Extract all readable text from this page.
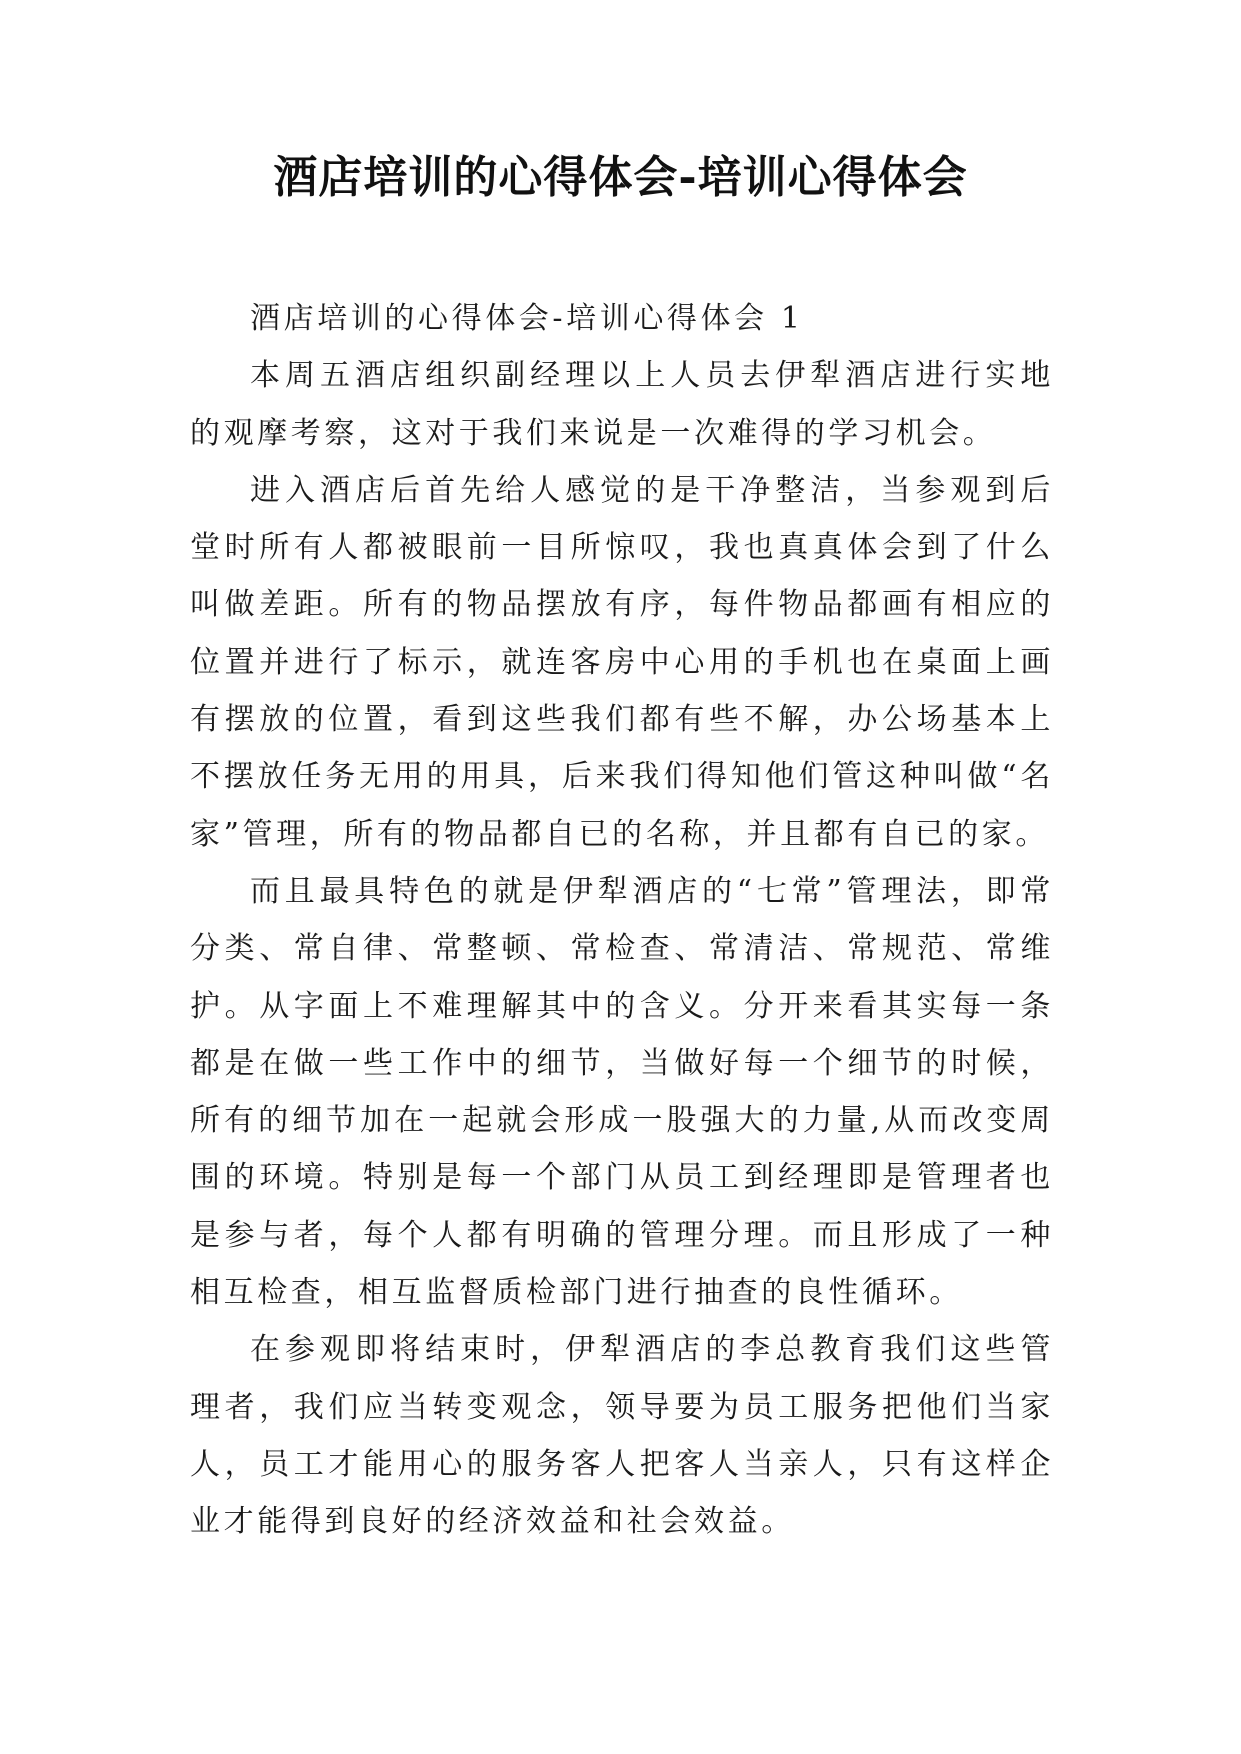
酒店培训的心得体会-培训心得体会

酒店培训的心得体会-培训心得体会 1

本周五酒店组织副经理以上人员去伊犁酒店进行实地的观摩考察，这对于我们来说是一次难得的学习机会。

进入酒店后首先给人感觉的是干净整洁，当参观到后堂时所有人都被眼前一目所惊叹，我也真真体会到了什么叫做差距。所有的物品摆放有序，每件物品都画有相应的位置并进行了标示，就连客房中心用的手机也在桌面上画有摆放的位置，看到这些我们都有些不解，办公场基本上不摆放任务无用的用具，后来我们得知他们管这种叫做“名家”管理，所有的物品都自已的名称，并且都有自已的家。

而且最具特色的就是伊犁酒店的“七常”管理法，即常分类、常自律、常整顿、常检查、常清洁、常规范、常维护。从字面上不难理解其中的含义。分开来看其实每一条都是在做一些工作中的细节，当做好每一个细节的时候，所有的细节加在一起就会形成一股强大的力量,从而改变周围的环境。特别是每一个部门从员工到经理即是管理者也是参与者，每个人都有明确的管理分理。而且形成了一种相互检查，相互监督质检部门进行抽查的良性循环。

在参观即将结束时，伊犁酒店的李总教育我们这些管理者，我们应当转变观念，领导要为员工服务把他们当家人，员工才能用心的服务客人把客人当亲人，只有这样企业才能得到良好的经济效益和社会效益。
